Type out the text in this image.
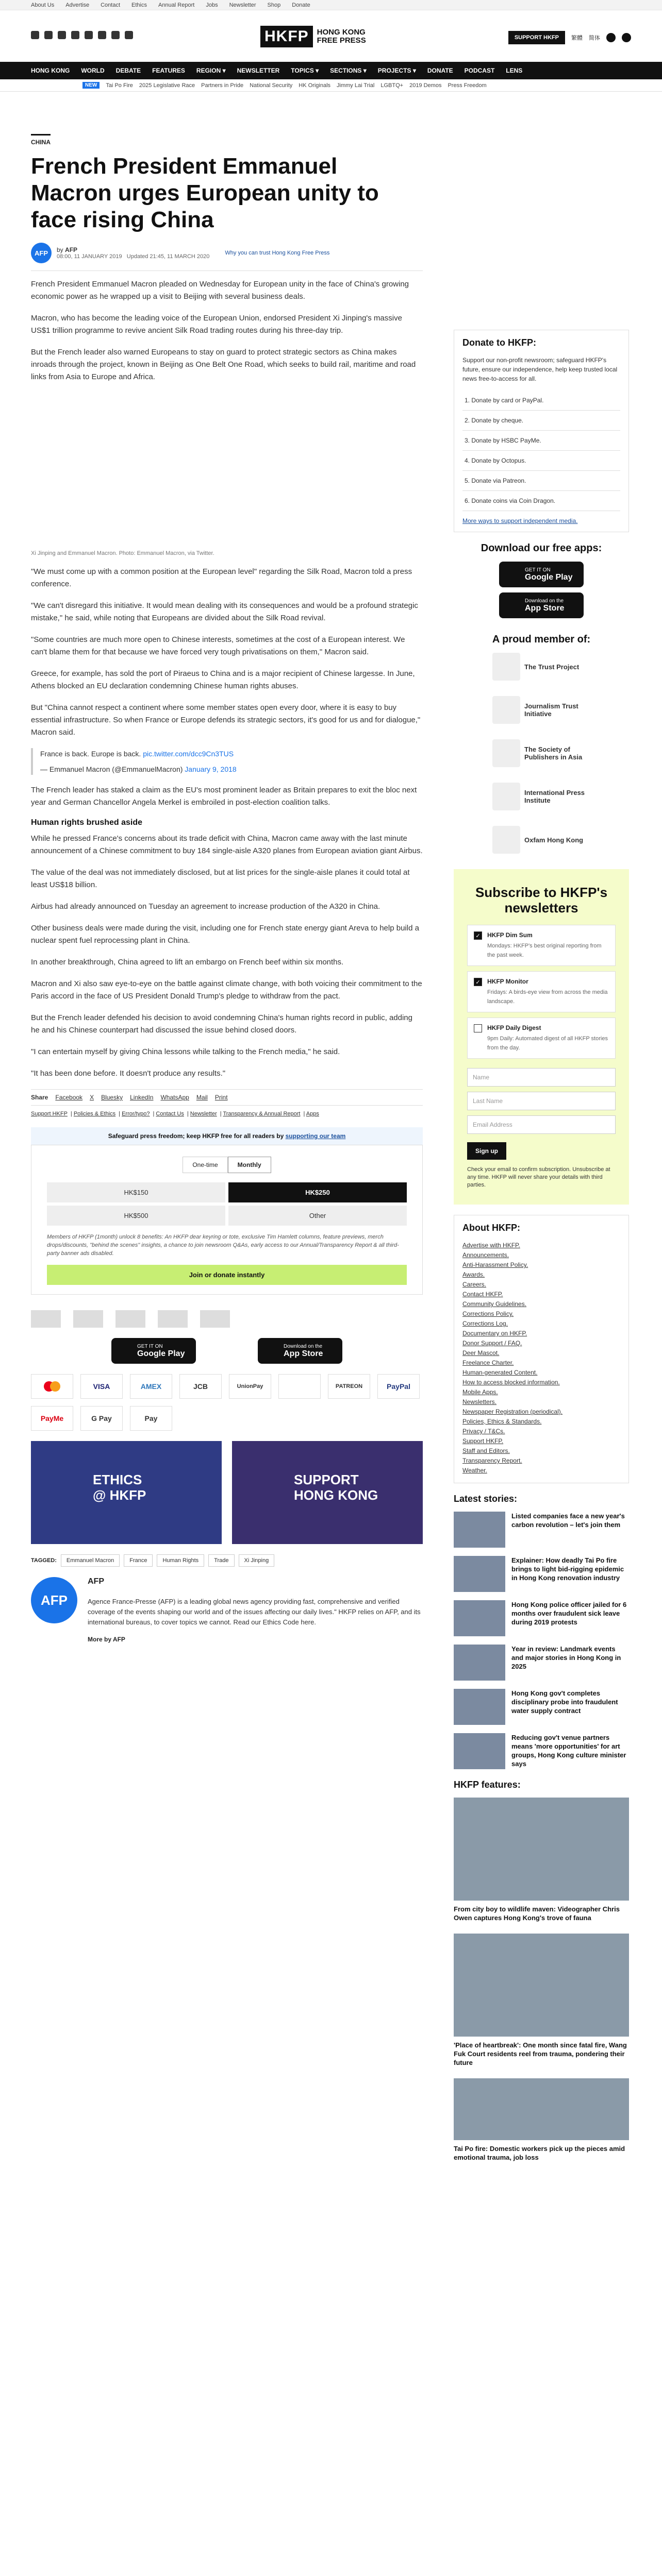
About Us Advertise Contact Ethics Annual Report Jobs Newsletter Shop Donate
HKFP	HONG KONG
FREE PRESS	SUPPORT HKFP	繁體 简体
HONG KONG WORLD DEBATE FEATURES REGION ▾ NEWSLETTER TOPICS ▾ SECTIONS ▾ PROJECTS ▾ DONATE PODCAST LENS
NEW	Tai Po Fire 2025 Legislative Race Partners in Pride National Security HK Originals Jimmy Lai Trial LGBTQ+ 2019 Demos Press Freedom
CHINA
French President Emmanuel Macron urges European unity to face rising China
AFP	by AFP
08:00, 11 JANUARY 2019 Updated 21:45, 11 MARCH 2020
Why you can trust Hong Kong Free Press

French President Emmanuel Macron pleaded on Wednesday for European unity in the face of China's growing economic power as he wrapped up a visit to Beijing with several business deals.

Macron, who has become the leading voice of the European Union, endorsed President Xi Jinping's massive US$1 trillion programme to revive ancient Silk Road trading routes during his three-day trip.

But the French leader also warned Europeans to stay on guard to protect strategic sectors as China makes inroads through the project, known in Beijing as One Belt One Road, which seeks to build rail, maritime and road links from Asia to Europe and Africa.

Xi Jinping and Emmanuel Macron. Photo: Emmanuel Macron, via Twitter.

"We must come up with a common position at the European level" regarding the Silk Road, Macron told a press conference.

"We can't disregard this initiative. It would mean dealing with its consequences and would be a profound strategic mistake," he said, while noting that Europeans are divided about the Silk Road revival.

"Some countries are much more open to Chinese interests, sometimes at the cost of a European interest. We can't blame them for that because we have forced very tough privatisations on them," Macron said.

Greece, for example, has sold the port of Piraeus to China and is a major recipient of Chinese largesse. In June, Athens blocked an EU declaration condemning Chinese human rights abuses.

But "China cannot respect a continent where some member states open every door, where it is easy to buy essential infrastructure. So when France or Europe defends its strategic sectors, it's good for us and for dialogue," Macron said.

France is back. Europe is back. pic.twitter.com/dcc9Cn3TUS
— Emmanuel Macron (@EmmanuelMacron) January 9, 2018

The French leader has staked a claim as the EU's most prominent leader as Britain prepares to exit the bloc next year and German Chancellor Angela Merkel is embroiled in post-election coalition talks.

Human rights brushed aside

While he pressed France's concerns about its trade deficit with China, Macron came away with the last minute announcement of a Chinese commitment to buy 184 single-aisle A320 planes from European aviation giant Airbus.

The value of the deal was not immediately disclosed, but at list prices for the single-aisle planes it could total at least US$18 billion.

Airbus had already announced on Tuesday an agreement to increase production of the A320 in China.

Other business deals were made during the visit, including one for French state energy giant Areva to help build a nuclear spent fuel reprocessing plant in China.

In another breakthrough, China agreed to lift an embargo on French beef within six months.

Macron and Xi also saw eye-to-eye on the battle against climate change, with both voicing their commitment to the Paris accord in the face of US President Donald Trump's pledge to withdraw from the pact.

But the French leader defended his decision to avoid condemning China's human rights record in public, adding he and his Chinese counterpart had discussed the issue behind closed doors.

"I can entertain myself by giving China lessons while talking to the French media," he said.

"It has been done before. It doesn't produce any results."

Share Facebook X Bluesky LinkedIn WhatsApp Mail Print
Support HKFP | Policies & Ethics | Error/typo? | Contact Us | Newsletter | Transparency & Annual Report | Apps
Safeguard press freedom; keep HKFP free for all readers by supporting our team
One-time	Monthly
HK$150	HK$250
HK$500	Other

Members of HKFP (1month) unlock 8 benefits: An HKFP dear keyring or tote, exclusive Tim Hamlett columns, feature previews, merch drops/discounts, "behind the scenes" insights, a chance to join newsroom Q&As, early access to our Annual/Transparency Report & all third-party banner ads disabled.

Join or donate instantly
GET IT ON
Google Play
Download on the
App Store
VISA	AMEX	JCB	UnionPay	PATREON	PayPal
PayMe	G Pay	Pay
ETHICS
@ HKFP
SUPPORT
HONG KONG
TAGGED:	Emmanuel Macron	France	Human Rights	Trade	Xi Jinping
AFP
AFP

Agence France-Presse (AFP) is a leading global news agency providing fast, comprehensive and verified coverage of the events shaping our world and of the issues affecting our daily lives." HKFP relies on AFP, and its international bureaus, to cover topics we cannot. Read our Ethics Code here.

More by AFP
Donate to HKFP:

Support our non-profit newsroom; safeguard HKFP's future, ensure our independence, help keep trusted local news free-to-access for all.

1. Donate by card or PayPal.
2. Donate by cheque.
3. Donate by HSBC PayMe.
4. Donate by Octopus.
5. Donate via Patreon.
6. Donate coins via Coin Dragon.
More ways to support independent media.
Download our free apps:
GET IT ON
Google Play
Download on the
App Store
A proud member of:
The Trust Project
Journalism Trust Initiative
The Society of Publishers in Asia
International Press Institute
Oxfam Hong Kong
Subscribe to HKFP's newsletters
✓ HKFP Dim Sum
Mondays: HKFP's best original reporting from the past week.
✓ HKFP Monitor
Fridays: A birds-eye view from across the media landscape.
HKFP Daily Digest
9pm Daily: Automated digest of all HKFP stories from the day.
Name
Last Name
Email Address
Sign up

Check your email to confirm subscription. Unsubscribe at any time. HKFP will never share your details with third parties.

About HKFP:
Advertise with HKFP.
Announcements.
Anti-Harassment Policy.
Awards.
Careers.
Contact HKFP.
Community Guidelines.
Corrections Policy.
Corrections Log.
Documentary on HKFP.
Donor Support / FAQ.
Deer Mascot.
Freelance Charter.
Human-generated Content.
How to access blocked information.
Mobile Apps.
Newsletters.
Newspaper Registration (periodical).
Policies, Ethics & Standards.
Privacy / T&Cs.
Support HKFP.
Staff and Editors.
Transparency Report.
Weather.
Latest stories:
Listed companies face a new year's carbon revolution – let's join them
Explainer: How deadly Tai Po fire brings to light bid-rigging epidemic in Hong Kong renovation industry
Hong Kong police officer jailed for 6 months over fraudulent sick leave during 2019 protests
Year in review: Landmark events and major stories in Hong Kong in 2025
Hong Kong gov't completes disciplinary probe into fraudulent water supply contract
Reducing gov't venue partners means 'more opportunities' for art groups, Hong Kong culture minister says
HKFP features:
From city boy to wildlife maven: Videographer Chris Owen captures Hong Kong's trove of fauna
'Place of heartbreak': One month since fatal fire, Wang Fuk Court residents reel from trauma, pondering their future
Tai Po fire: Domestic workers pick up the pieces amid emotional trauma, job loss
